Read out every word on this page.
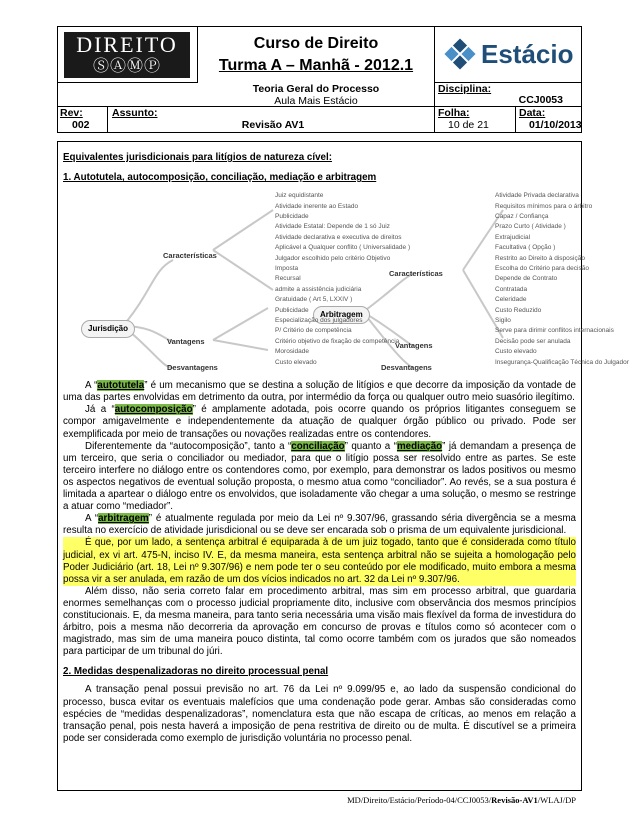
DIREITO
ⓈⒶⓂⓅ
Curso de Direito
Turma A – Manhã - 2012.1	Estácio
Teoria Geral do Processo
Aula Mais Estácio
Disciplina:
CCJ0053
Rev:
002
Assunto:
Revisão AV1
Folha:
10 de 21
Data:
01/10/2013

Equivalentes jurisdicionais para litígios de natureza cível:

1. Autotutela, autocomposição, conciliação, mediação e arbitragem

Jurisdição
Arbitragem
Características
Vantagens
Desvantagens
Características
Vantagens
Desvantagens
Juiz equidistante
Atividade inerente ao Estado
Publicidade
Atividade Estatal: Depende de 1 só Juiz
Atividade declarativa e executiva de direitos
Aplicável a Qualquer conflito ( Universalidade )
Julgador escolhido pelo critério Objetivo
Imposta
Recursal
admite a assistência judiciária
Gratuidade ( Art 5, LXXIV )
Publicidade
Especialização dos julgadores
P/ Critério de competência
Critério objetivo de fixação de competência
Morosidade
Custo elevado
Atividade Privada declarativa
Requisitos mínimos para o árbitro
Capaz / Confiança
Prazo Curto ( Atividade )
Extrajudicial
Facultativa ( Opção )
Restrito ao Direito à disposição
Escolha do Critério para decisão
Depende de Contrato
Contratada
Celeridade
Custo Reduzido
Sigilo
Serve para dirimir conflitos internacionais
Decisão pode ser anulada
Custo elevado
Insegurança-Qualificação Técnica do Julgador

A “autotutela” é um mecanismo que se destina a solução de litígios e que decorre da imposição da vontade de uma das partes envolvidas em detrimento da outra, por intermédio da força ou qualquer outro meio suasório ilegítimo.

Já a “autocomposição” é amplamente adotada, pois ocorre quando os próprios litigantes conseguem se compor amigavelmente e independentemente da atuação de qualquer órgão público ou privado. Pode ser exemplificada por meio de transações ou novações realizadas entre os contendores.

Diferentemente da “autocomposição”, tanto a “conciliação” quanto a “mediação” já demandam a presença de um terceiro, que seria o conciliador ou mediador, para que o litígio possa ser resolvido entre as partes. Se este terceiro interfere no diálogo entre os contendores como, por exemplo, para demonstrar os lados positivos ou mesmo os aspectos negativos de eventual solução proposta, o mesmo atua como “conciliador”. Ao revés, se a sua postura é limitada a apartear o diálogo entre os envolvidos, que isoladamente vão chegar a uma solução, o mesmo se restringe a atuar como “mediador”.

A “arbitragem” é atualmente regulada por meio da Lei nº 9.307/96, grassando séria divergência se a mesma resulta no exercício de atividade jurisdicional ou se deve ser encarada sob o prisma de um equivalente jurisdicional.

É que, por um lado, a sentença arbitral é equiparada à de um juiz togado, tanto que é considerada como título judicial, ex vi art. 475-N, inciso IV. E, da mesma maneira, esta sentença arbitral não se sujeita a homologação pelo Poder Judiciário (art. 18, Lei nº 9.307/96) e nem pode ter o seu conteúdo por ele modificado, muito embora a mesma possa vir a ser anulada, em razão de um dos vícios indicados no art. 32 da Lei nº 9.307/96.

Além disso, não seria correto falar em procedimento arbitral, mas sim em processo arbitral, que guardaria enormes semelhanças com o processo judicial propriamente dito, inclusive com observância dos mesmos princípios constitucionais. E, da mesma maneira, para tanto seria necessária uma visão mais flexível da forma de investidura do árbitro, pois a mesma não decorreria da aprovação em concurso de provas e títulos como só acontecer com o magistrado, mas sim de uma maneira pouco distinta, tal como ocorre também com os jurados que são nomeados para participar de um tribunal do júri.

2. Medidas despenalizadoras no direito processual penal

A transação penal possui previsão no art. 76 da Lei nº 9.099/95 e, ao lado da suspensão condicional do processo, busca evitar os eventuais malefícios que uma condenação pode gerar. Ambas são consideradas como espécies de “medidas despenalizadoras”, nomenclatura esta que não escapa de críticas, ao menos em relação a transação penal, pois nesta haverá a imposição de pena restritiva de direito ou de multa. É discutível se a primeira pode ser considerada como exemplo de jurisdição voluntária no processo penal.

MD/Direito/Estácio/Período-04/CCJ0053/Revisão-AV1/WLAJ/DP
